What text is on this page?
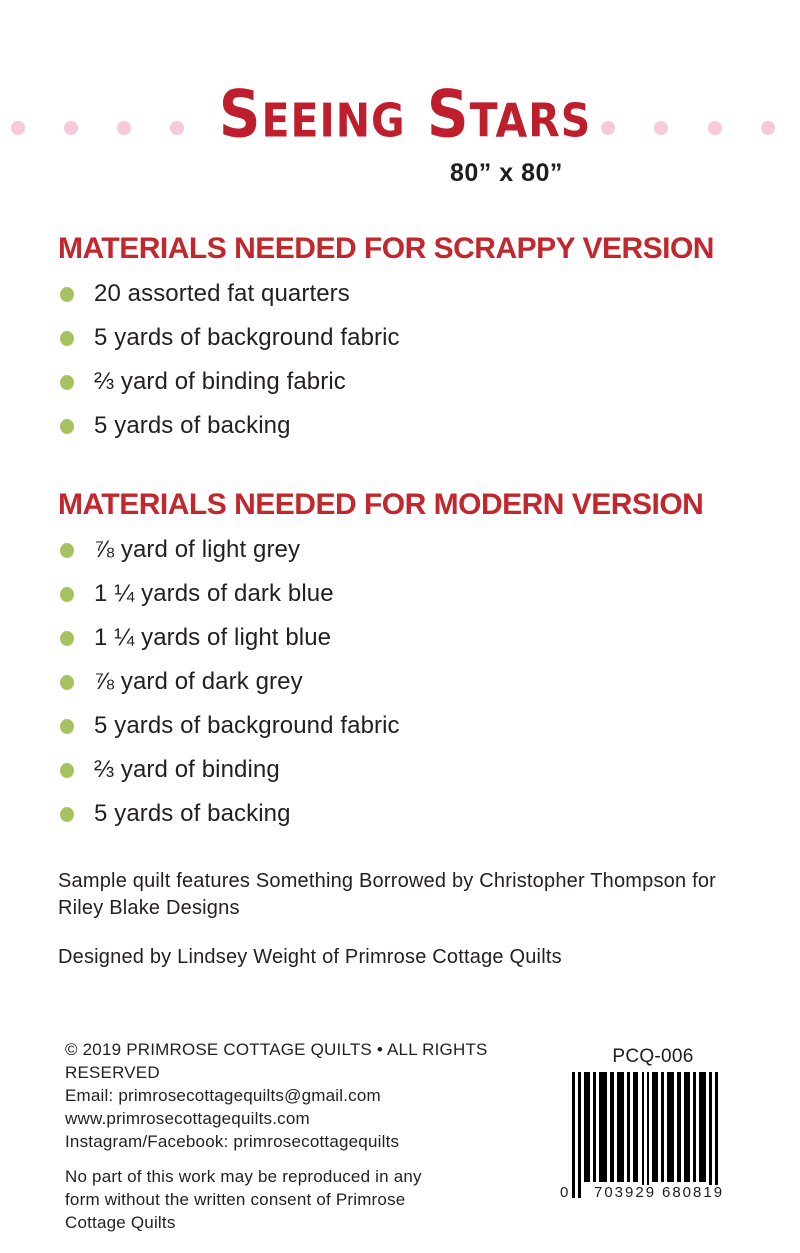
Seeing Stars
80” x 80”
MATERIALS NEEDED FOR SCRAPPY VERSION
20 assorted fat quarters
5 yards of background fabric
⅔ yard of binding fabric
5 yards of backing
MATERIALS NEEDED FOR MODERN VERSION
⅞ yard of light grey
1 ¼ yards of dark blue
1 ¼ yards of light blue
⅞ yard of dark grey
5 yards of background fabric
⅔ yard of binding
5 yards of backing

Sample quilt features Something Borrowed by Christopher Thompson for Riley Blake Designs

Designed by Lindsey Weight of Primrose Cottage Quilts

© 2019 PRIMROSE COTTAGE QUILTS • ALL RIGHTS RESERVED

Email: primrosecottagequilts@gmail.com

www.primrosecottagequilts.com

Instagram/Facebook: primrosecottagequilts

No part of this work may be reproduced in any form without the written consent of Primrose Cottage Quilts

PCQ-006

0 703929 680819
